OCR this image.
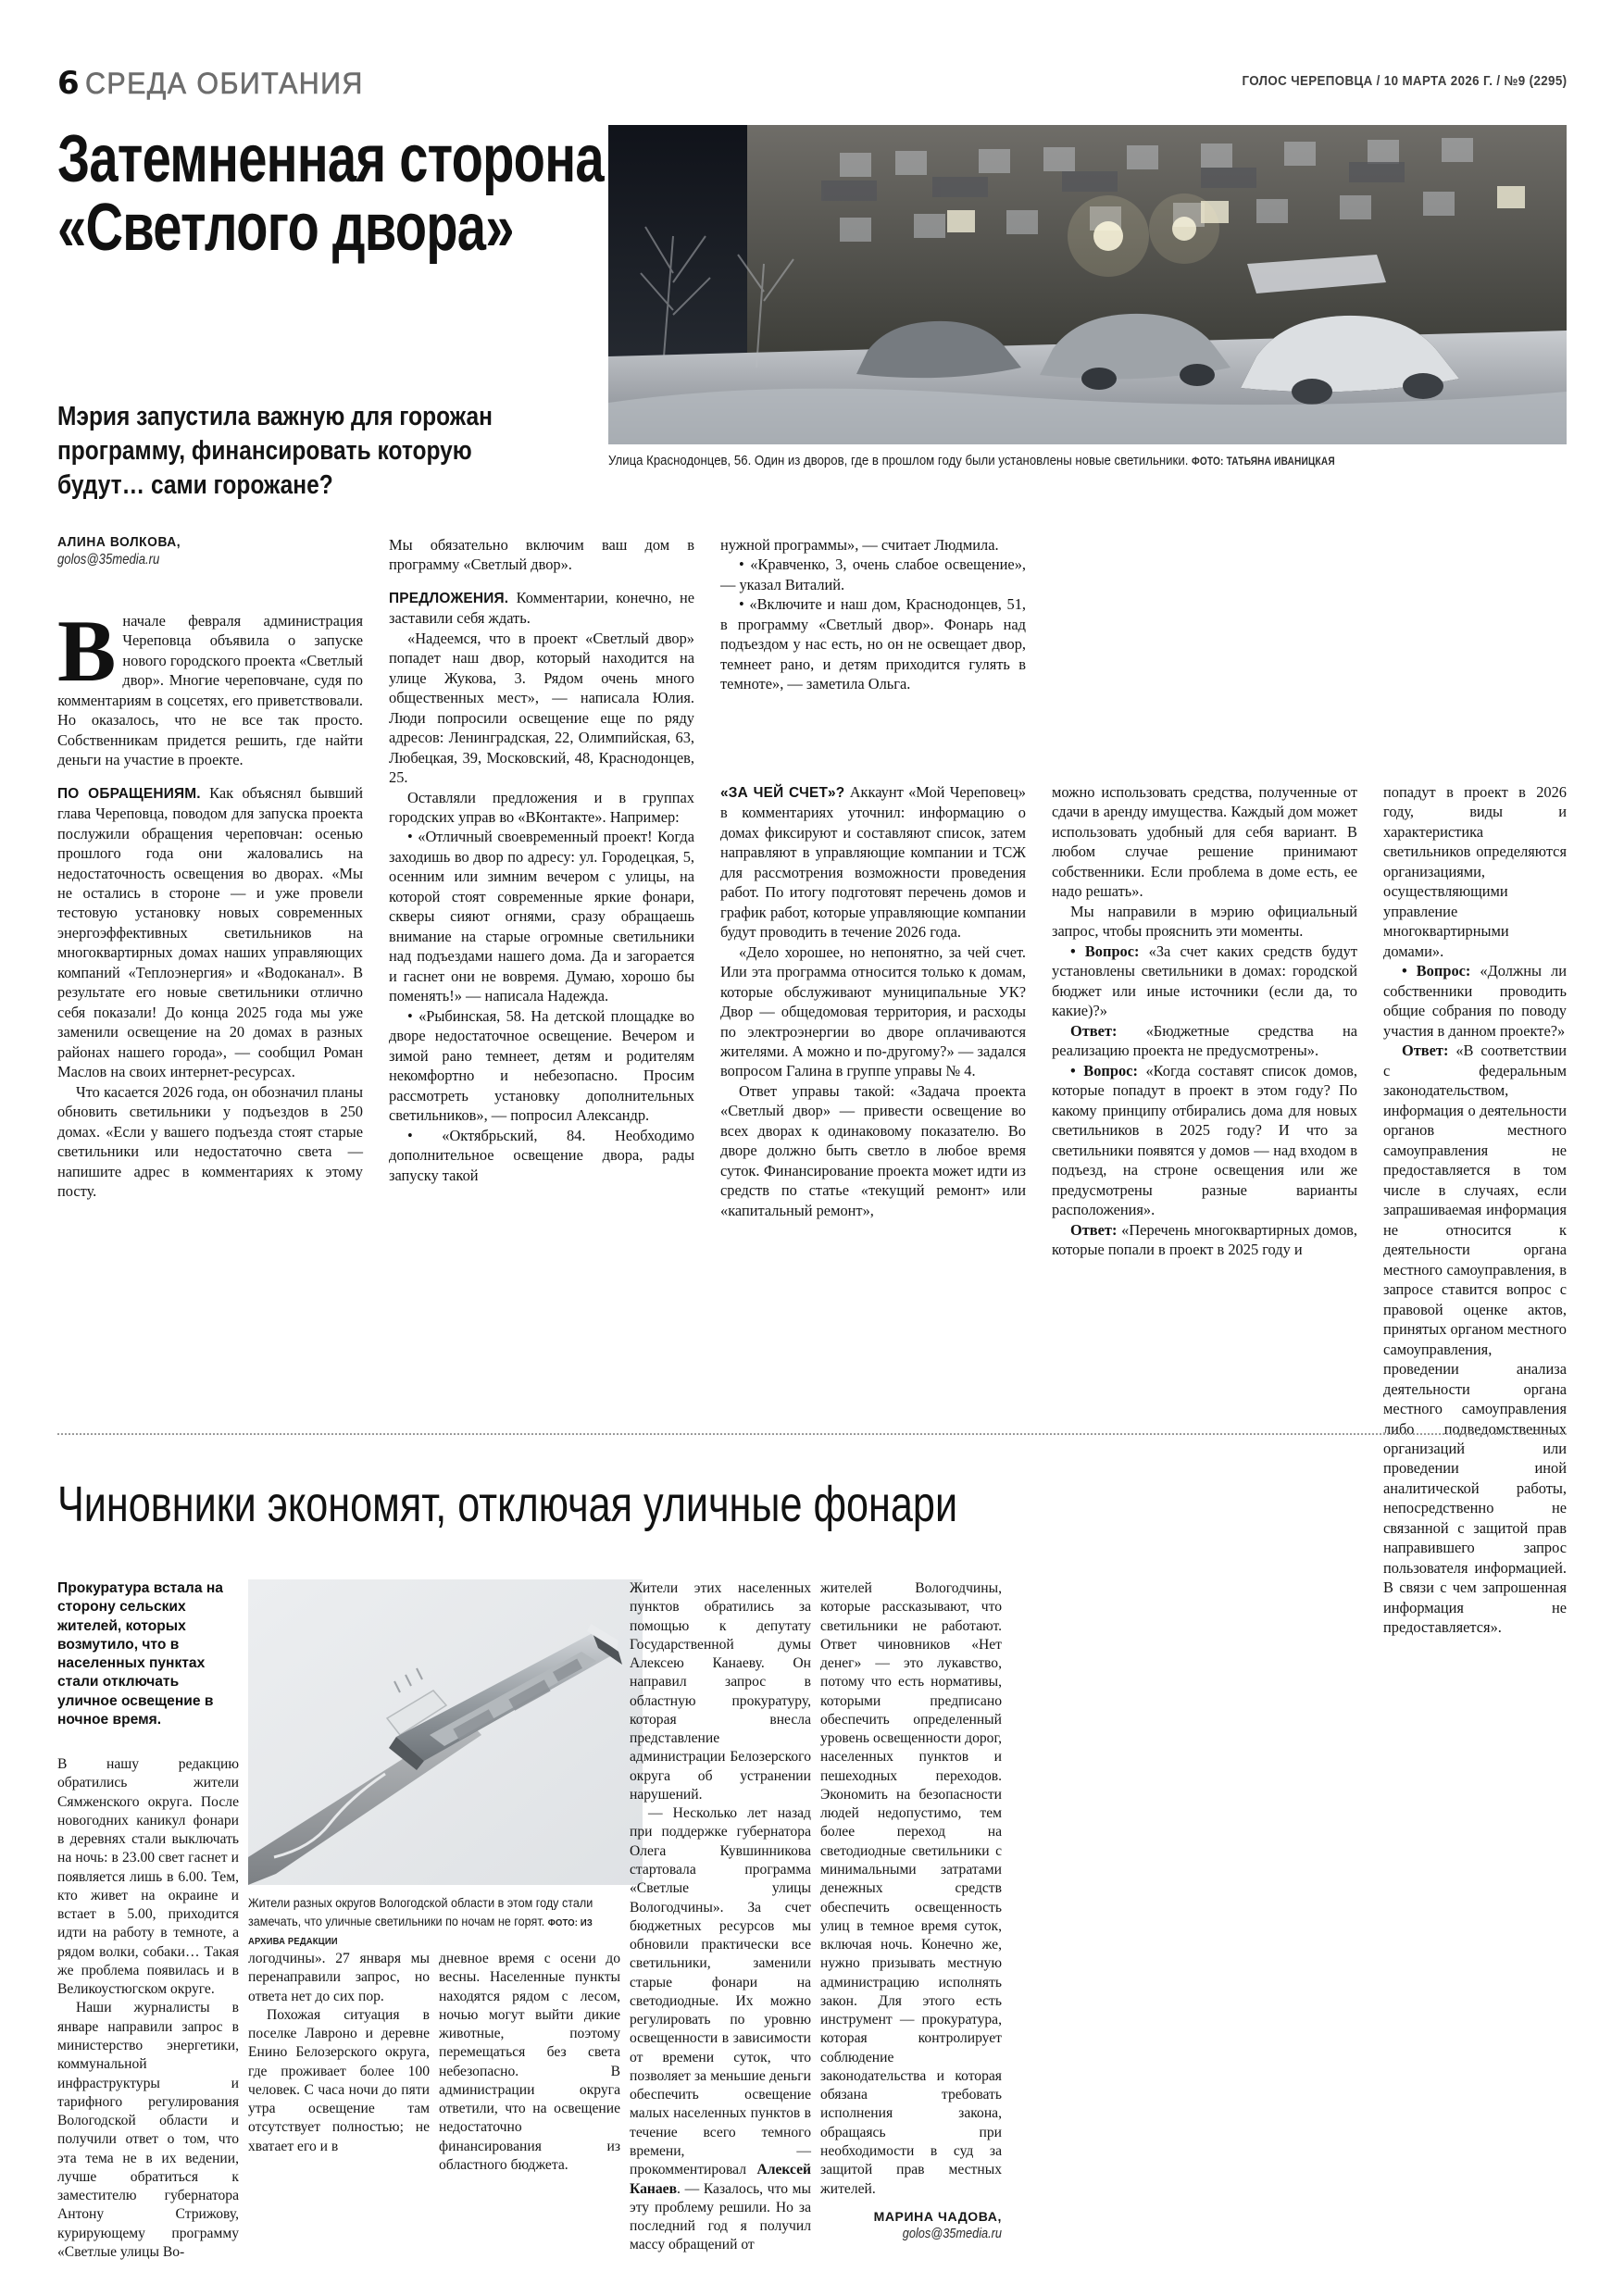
6 СРЕДА ОБИТАНИЯ	ГОЛОС ЧЕРЕПОВЦА / 10 МАРТА 2026 Г. / №9 (2295)
Затемненная сторона
«Светлого двора»
Мэрия запустила важную для горожан программу, финансировать которую будут… сами горожане?
Улица Краснодонцев, 56. Один из дворов, где в прошлом году были установлены новые светильники. ФОТО: ТАТЬЯНА ИВАНИЦКАЯ
АЛИНА ВОЛКОВА,
golos@35media.ru

Вначале февраля администрация Череповца объявила о запуске нового городского проекта «Светлый двор». Многие череповчане, судя по комментариям в соцсетях, его приветствовали. Но оказалось, что не все так просто. Собственникам придется решить, где найти деньги на участие в проекте.

ПО ОБРАЩЕНИЯМ. Как объяснял бывший глава Череповца, поводом для запуска проекта послужили обращения череповчан: осенью прошлого года они жаловались на недостаточность освещения во дворах. «Мы не остались в стороне — и уже провели тестовую установку новых современных энергоэффективных светильников на многоквартирных домах наших управляющих компаний «Теплоэнергия» и «Водоканал». В результате его новые светильники отлично себя показали! До конца 2025 года мы уже заменили освещение на 20 домах в разных районах нашего города», — сообщил Роман Маслов на своих интернет-ресурсах.

Что касается 2026 года, он обозначил планы обновить светильники у подъездов в 250 домах. «Если у вашего подъезда стоят старые светильники или недостаточно света — напишите адрес в комментариях к этому посту.

Мы обязательно включим ваш дом в программу «Светлый двор».

ПРЕДЛОЖЕНИЯ. Комментарии, конечно, не заставили себя ждать.

«Надеемся, что в проект «Светлый двор» попадет наш двор, который находится на улице Жукова, 3. Рядом очень много общественных мест», — написала Юлия. Люди попросили освещение еще по ряду адресов: Ленинградская, 22, Олимпийская, 63, Любецкая, 39, Московский, 48, Краснодонцев, 25.

Оставляли предложения и в группах городских управ во «ВКонтакте». Например:

• «Отличный своевременный проект! Когда заходишь во двор по адресу: ул. Городецкая, 5, осенним или зимним вечером с улицы, на которой стоят современные яркие фонари, скверы сияют огнями, сразу обращаешь внимание на старые огромные светильники над подъездами нашего дома. Да и загорается и гаснет они не вовремя. Думаю, хорошо бы поменять!» — написала Надежда.

• «Рыбинская, 58. На детской площадке во дворе недостаточное освещение. Вечером и зимой рано темнеет, детям и родителям некомфортно и небезопасно. Просим рассмотреть установку дополнительных светильников», — попросил Александр.

• «Октябрьский, 84. Необходимо дополнительное освещение двора, рады запуску такой

нужной программы», — считает Людмила.

• «Кравченко, 3, очень слабое освещение», — указал Виталий.

• «Включите и наш дом, Краснодонцев, 51, в программу «Светлый двор». Фонарь над подъездом у нас есть, но он не освещает двор, темнеет рано, и детям приходится гулять в темноте», — заметила Ольга.

«ЗА ЧЕЙ СЧЕТ»? Аккаунт «Мой Череповец» в комментариях уточнил: информацию о домах фиксируют и составляют список, затем направляют в управляющие компании и ТСЖ для рассмотрения возможности проведения работ. По итогу подготовят перечень домов и график работ, которые управляющие компании будут проводить в течение 2026 года.

«Дело хорошее, но непонятно, за чей счет. Или эта программа относится только к домам, которые обслуживают муниципальные УК? Двор — общедомовая территория, и расходы по электроэнергии во дворе оплачиваются жителями. А можно и по-другому?» — задался вопросом Галина в группе управы № 4.

Ответ управы такой: «Задача проекта «Светлый двор» — привести освещение во всех дворах к одинаковому показателю. Во дворе должно быть светло в любое время суток. Финансирование проекта может идти из средств по статье «текущий ремонт» или «капитальный ремонт»,

можно использовать средства, полученные от сдачи в аренду имущества. Каждый дом может использовать удобный для себя вариант. В любом случае решение принимают собственники. Если проблема в доме есть, ее надо решать».

Мы направили в мэрию официальный запрос, чтобы прояснить эти моменты.

• Вопрос: «За счет каких средств будут установлены светильники в домах: городской бюджет или иные источники (если да, то какие)?»

Ответ: «Бюджетные средства на реализацию проекта не предусмотрены».

• Вопрос: «Когда составят список домов, которые попадут в проект в этом году? По какому принципу отбирались дома для новых светильников в 2025 году? И что за светильники появятся у домов — над входом в подъезд, на строне освещения или же предусмотрены разные варианты расположения».

Ответ: «Перечень многоквартирных домов, которые попали в проект в 2025 году и

попадут в проект в 2026 году, виды и характеристика светильников определяются организациями, осуществляющими управление многоквартирными домами».

• Вопрос: «Должны ли собственники проводить общие собрания по поводу участия в данном проекте?»

Ответ: «В соответствии с федеральным законодательством, информация о деятельности органов местного самоуправления не предоставляется в том числе в случаях, если запрашиваемая информация не относится к деятельности органа местного самоуправления, в запросе ставится вопрос с правовой оценке актов, принятых органом местного самоуправления, проведении анализа деятельности органа местного самоуправления либо подведомственных организаций или проведении иной аналитической работы, непосредственно не связанной с защитой прав направившего запрос пользователя информацией. В связи с чем запрошенная информация не предоставляется».

Чиновники экономят, отключая уличные фонари
Прокуратура встала на сторону сельских жителей, которых возмутило, что в населенных пунктах стали отключать уличное освещение в ночное время.
Жители разных округов Вологодской области в этом году стали замечать, что уличные светильники по ночам не горят. ФОТО: ИЗ АРХИВА РЕДАКЦИИ

В нашу редакцию обратились жители Сямженского округа. После новогодних каникул фонари в деревнях стали выключать на ночь: в 23.00 свет гаснет и появляется лишь в 6.00. Тем, кто живет на окраине и встает в 5.00, приходится идти на работу в темноте, а рядом волки, собаки… Такая же проблема появилась и в Великоустюгском округе.

Наши журналисты в январе направили запрос в министерство энергетики, коммунальной инфраструктуры и тарифного регулирования Вологодской области и получили ответ о том, что эта тема не в их ведении, лучше обратиться к заместителю губернатора Антону Стрижову, курирующему программу «Светлые улицы Во-

логодчины». 27 января мы перенаправили запрос, но ответа нет до сих пор.

Похожая ситуация в поселке Лавроно и деревне Енино Белозерского округа, где проживает более 100 человек. С часа ночи до пяти утра освещение там отсутствует полностью; не хватает его и в

дневное время с осени до весны. Населенные пункты находятся рядом с лесом, ночью могут выйти дикие животные, поэтому перемещаться без света небезопасно. В администрации округа ответили, что на освещение недостаточно финансирования из областного бюджета.

Жители этих населенных пунктов обратились за помощью к депутату Государственной думы Алексею Канаеву. Он направил запрос в областную прокуратуру, которая внесла представление администрации Белозерского округа об устранении нарушений.

— Несколько лет назад при поддержке губернатора Олега Кувшинникова стартовала программа «Светлые улицы Вологодчины». За счет бюджетных ресурсов мы обновили практически все светильники, заменили старые фонари на светодиодные. Их можно регулировать по уровню освещенности в зависимости от времени суток, что позволяет за меньшие деньги обеспечить освещение малых населенных пунктов в течение всего темного времени, — прокомментировал Алексей Канаев. — Казалось, что мы эту проблему решили. Но за последний год я получил массу обращений от

жителей Вологодчины, которые рассказывают, что светильники не работают. Ответ чиновников «Нет денег» — это лукавство, потому что есть нормативы, которыми предписано обеспечить определенный уровень освещенности дорог, населенных пунктов и пешеходных переходов. Экономить на безопасности людей недопустимо, тем более переход на светодиодные светильники с минимальными затратами денежных средств обеспечить освещенность улиц в темное время суток, включая ночь. Конечно же, нужно призывать местную администрацию исполнять закон. Для этого есть инструмент — прокуратура, которая контролирует соблюдение законодательства и которая обязана требовать исполнения закона, обращаясь при необходимости в суд за защитой прав местных жителей.

МАРИНА ЧАДОВА,
golos@35media.ru
